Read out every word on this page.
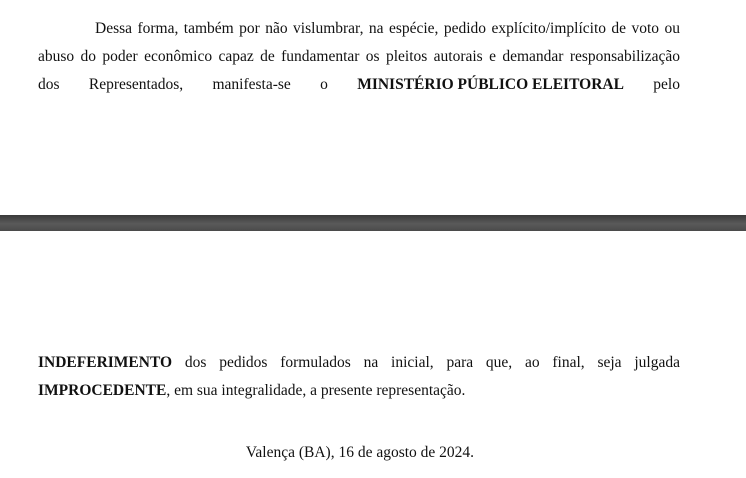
Dessa forma, também por não vislumbrar, na espécie, pedido explícito/implícito de voto ou
abuso do poder econômico capaz de fundamentar os pleitos autorais e demandar responsabilização
dos Representados, manifesta-se o MINISTÉRIO PÚBLICO ELEITORAL pelo
INDEFERIMENTO dos pedidos formulados na inicial, para que, ao final, seja julgada
IMPROCEDENTE, em sua integralidade, a presente representação.
Valença (BA), 16 de agosto de 2024.
